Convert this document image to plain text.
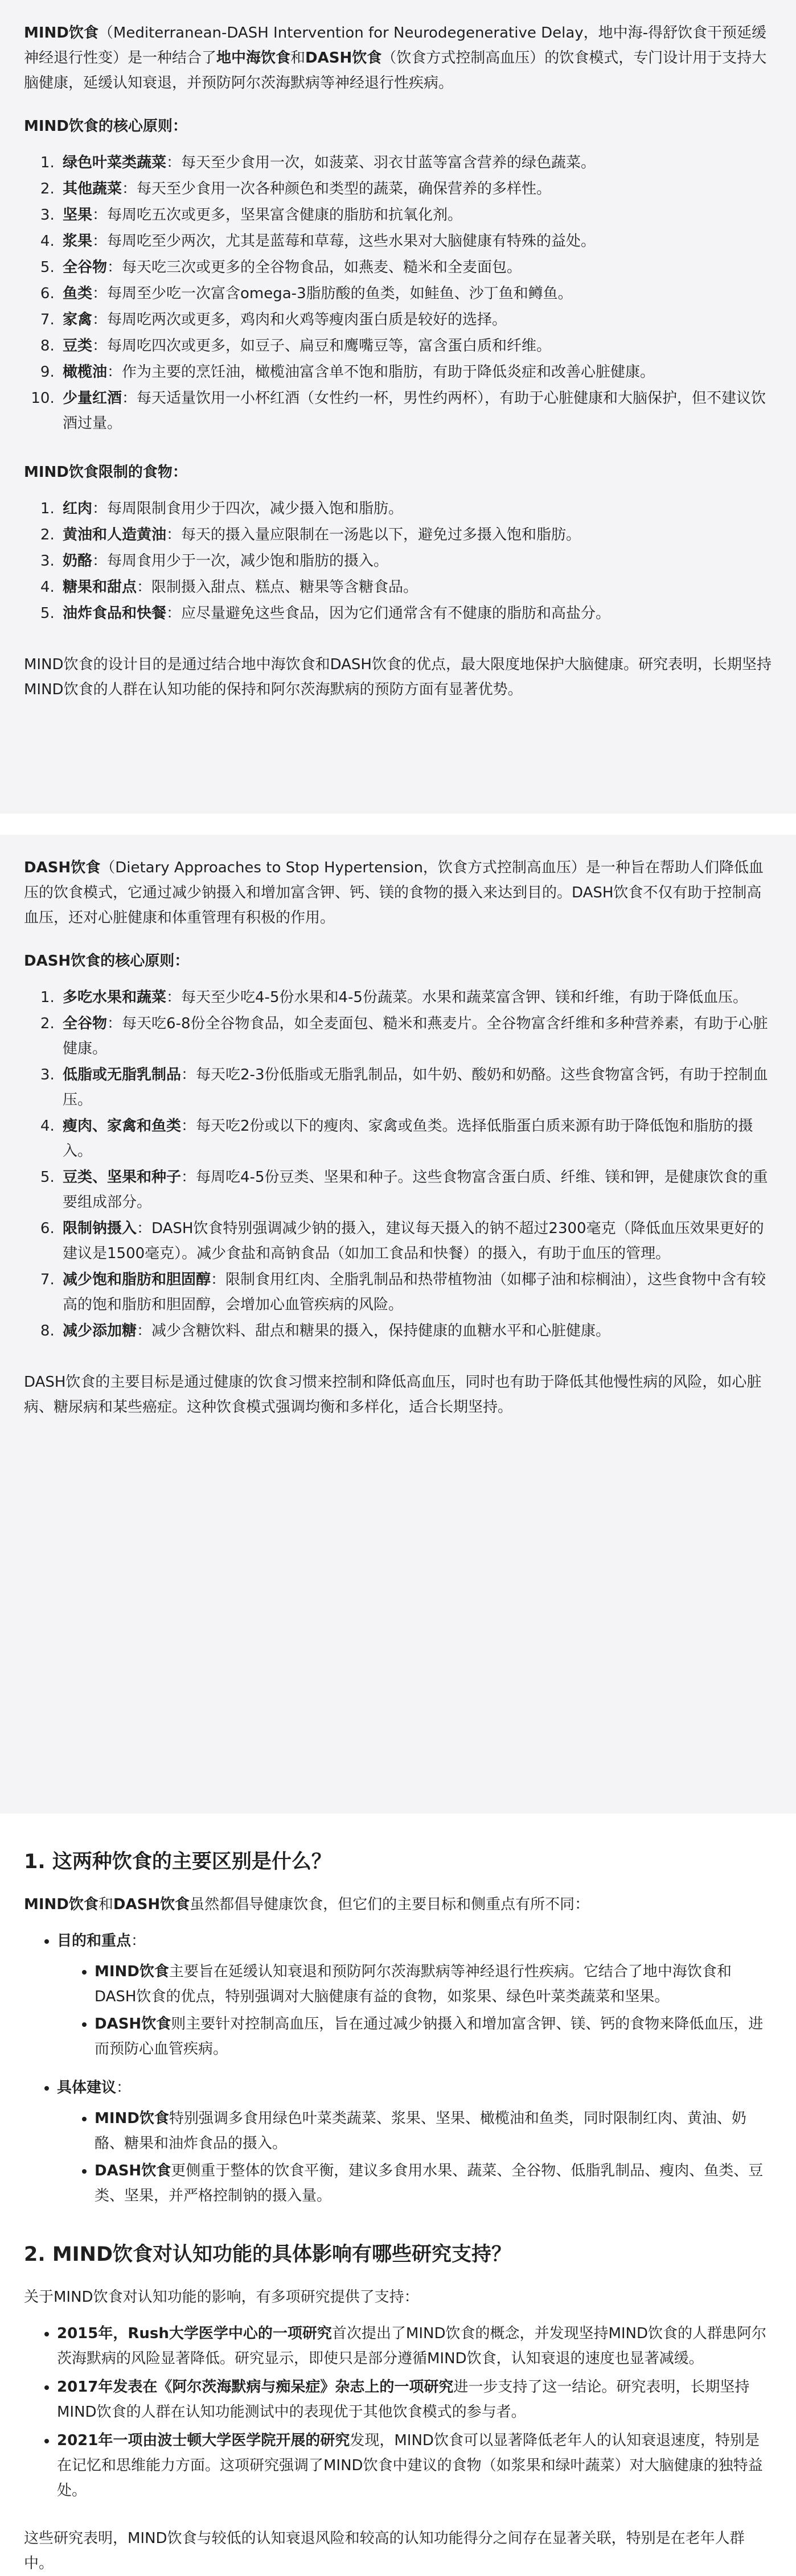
MIND饮食（Mediterranean-DASH Intervention for Neurodegenerative Delay，地中海-得舒饮食干预延缓神经退行性变）是一种结合了地中海饮食和DASH饮食（饮食方式控制高血压）的饮食模式，专门设计用于支持大脑健康，延缓认知衰退，并预防阿尔茨海默病等神经退行性疾病。

MIND饮食的核心原则：

1. 绿色叶菜类蔬菜：每天至少食用一次，如菠菜、羽衣甘蓝等富含营养的绿色蔬菜。
2. 其他蔬菜：每天至少食用一次各种颜色和类型的蔬菜，确保营养的多样性。
3. 坚果：每周吃五次或更多，坚果富含健康的脂肪和抗氧化剂。
4. 浆果：每周吃至少两次，尤其是蓝莓和草莓，这些水果对大脑健康有特殊的益处。
5. 全谷物：每天吃三次或更多的全谷物食品，如燕麦、糙米和全麦面包。
6. 鱼类：每周至少吃一次富含omega-3脂肪酸的鱼类，如鲑鱼、沙丁鱼和鳟鱼。
7. 家禽：每周吃两次或更多，鸡肉和火鸡等瘦肉蛋白质是较好的选择。
8. 豆类：每周吃四次或更多，如豆子、扁豆和鹰嘴豆等，富含蛋白质和纤维。
9. 橄榄油：作为主要的烹饪油，橄榄油富含单不饱和脂肪，有助于降低炎症和改善心脏健康。
10. 少量红酒：每天适量饮用一小杯红酒（女性约一杯，男性约两杯），有助于心脏健康和大脑保护，但不建议饮酒过量。

MIND饮食限制的食物：

1. 红肉：每周限制食用少于四次，减少摄入饱和脂肪。
2. 黄油和人造黄油：每天的摄入量应限制在一汤匙以下，避免过多摄入饱和脂肪。
3. 奶酪：每周食用少于一次，减少饱和脂肪的摄入。
4. 糖果和甜点：限制摄入甜点、糕点、糖果等含糖食品。
5. 油炸食品和快餐：应尽量避免这些食品，因为它们通常含有不健康的脂肪和高盐分。

MIND饮食的设计目的是通过结合地中海饮食和DASH饮食的优点，最大限度地保护大脑健康。研究表明，长期坚持MIND饮食的人群在认知功能的保持和阿尔茨海默病的预防方面有显著优势。

DASH饮食（Dietary Approaches to Stop Hypertension，饮食方式控制高血压）是一种旨在帮助人们降低血压的饮食模式，它通过减少钠摄入和增加富含钾、钙、镁的食物的摄入来达到目的。DASH饮食不仅有助于控制高血压，还对心脏健康和体重管理有积极的作用。

DASH饮食的核心原则：

1. 多吃水果和蔬菜：每天至少吃4-5份水果和4-5份蔬菜。水果和蔬菜富含钾、镁和纤维，有助于降低血压。
2. 全谷物：每天吃6-8份全谷物食品，如全麦面包、糙米和燕麦片。全谷物富含纤维和多种营养素，有助于心脏健康。
3. 低脂或无脂乳制品：每天吃2-3份低脂或无脂乳制品，如牛奶、酸奶和奶酪。这些食物富含钙，有助于控制血压。
4. 瘦肉、家禽和鱼类：每天吃2份或以下的瘦肉、家禽或鱼类。选择低脂蛋白质来源有助于降低饱和脂肪的摄入。
5. 豆类、坚果和种子：每周吃4-5份豆类、坚果和种子。这些食物富含蛋白质、纤维、镁和钾，是健康饮食的重要组成部分。
6. 限制钠摄入：DASH饮食特别强调减少钠的摄入，建议每天摄入的钠不超过2300毫克（降低血压效果更好的建议是1500毫克）。减少食盐和高钠食品（如加工食品和快餐）的摄入，有助于血压的管理。
7. 减少饱和脂肪和胆固醇：限制食用红肉、全脂乳制品和热带植物油（如椰子油和棕榈油），这些食物中含有较高的饱和脂肪和胆固醇，会增加心血管疾病的风险。
8. 减少添加糖：减少含糖饮料、甜点和糖果的摄入，保持健康的血糖水平和心脏健康。

DASH饮食的主要目标是通过健康的饮食习惯来控制和降低高血压，同时也有助于降低其他慢性病的风险，如心脏病、糖尿病和某些癌症。这种饮食模式强调均衡和多样化，适合长期坚持。

1. 这两种饮食的主要区别是什么？

MIND饮食和DASH饮食虽然都倡导健康饮食，但它们的主要目标和侧重点有所不同：

• 目的和重点：
• MIND饮食主要旨在延缓认知衰退和预防阿尔茨海默病等神经退行性疾病。它结合了地中海饮食和DASH饮食的优点，特别强调对大脑健康有益的食物，如浆果、绿色叶菜类蔬菜和坚果。
• DASH饮食则主要针对控制高血压，旨在通过减少钠摄入和增加富含钾、镁、钙的食物来降低血压，进而预防心血管疾病。
• 具体建议：
• MIND饮食特别强调多食用绿色叶菜类蔬菜、浆果、坚果、橄榄油和鱼类，同时限制红肉、黄油、奶酪、糖果和油炸食品的摄入。
• DASH饮食更侧重于整体的饮食平衡，建议多食用水果、蔬菜、全谷物、低脂乳制品、瘦肉、鱼类、豆类、坚果，并严格控制钠的摄入量。

2. MIND饮食对认知功能的具体影响有哪些研究支持？

关于MIND饮食对认知功能的影响，有多项研究提供了支持：

• 2015年，Rush大学医学中心的一项研究首次提出了MIND饮食的概念，并发现坚持MIND饮食的人群患阿尔茨海默病的风险显著降低。研究显示，即使只是部分遵循MIND饮食，认知衰退的速度也显著减缓。
• 2017年发表在《阿尔茨海默病与痴呆症》杂志上的一项研究进一步支持了这一结论。研究表明，长期坚持MIND饮食的人群在认知功能测试中的表现优于其他饮食模式的参与者。
• 2021年一项由波士顿大学医学院开展的研究发现，MIND饮食可以显著降低老年人的认知衰退速度，特别是在记忆和思维能力方面。这项研究强调了MIND饮食中建议的食物（如浆果和绿叶蔬菜）对大脑健康的独特益处。

这些研究表明，MIND饮食与较低的认知衰退风险和较高的认知功能得分之间存在显著关联，特别是在老年人群中。
